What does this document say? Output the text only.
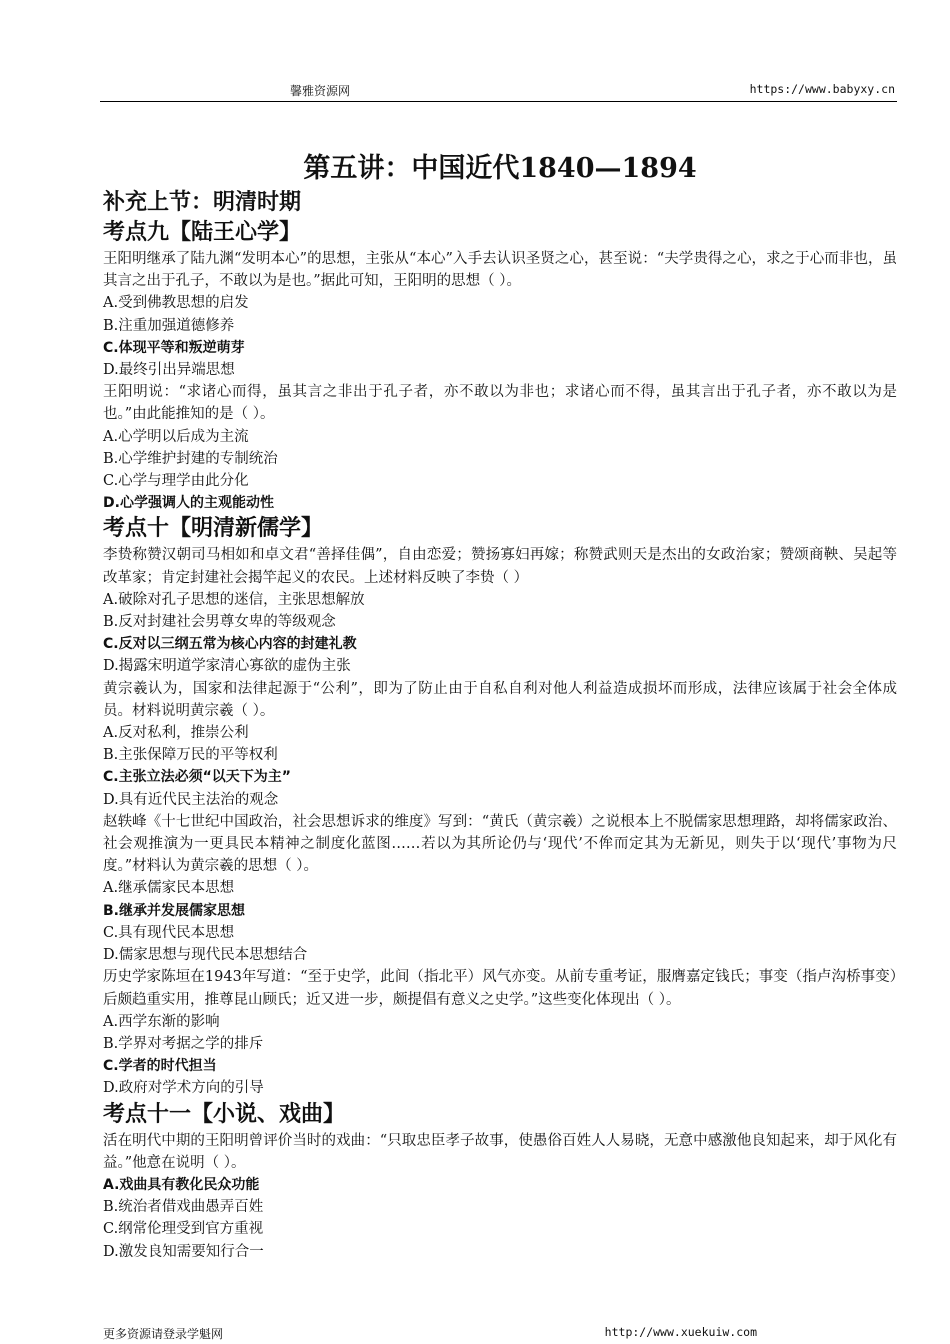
馨雅资源网	https://www.babyxy.cn
第五讲：中国近代1840—1894
补充上节：明清时期
考点九【陆王心学】

王阳明继承了陆九渊“发明本心”的思想，主张从“本心”入手去认识圣贤之心，甚至说：“夫学贵得之心，求之于心而非也，虽其言之出于孔子，不敢以为是也。”据此可知，王阳明的思想（ ）。

A.受到佛教思想的启发

B.注重加强道德修养

C.体现平等和叛逆萌芽

D.最终引出异端思想

王阳明说：“求诸心而得，虽其言之非出于孔子者，亦不敢以为非也；求诸心而不得，虽其言出于孔子者，亦不敢以为是也。”由此能推知的是（ ）。

A.心学明以后成为主流

B.心学维护封建的专制统治

C.心学与理学由此分化

D.心学强调人的主观能动性

考点十【明清新儒学】

李贽称赞汉朝司马相如和卓文君“善择佳偶”，自由恋爱；赞扬寡妇再嫁；称赞武则天是杰出的女政治家；赞颂商鞅、吴起等改革家；肯定封建社会揭竿起义的农民。上述材料反映了李贽（ ）

A.破除对孔子思想的迷信，主张思想解放

B.反对封建社会男尊女卑的等级观念

C.反对以三纲五常为核心内容的封建礼教

D.揭露宋明道学家清心寡欲的虚伪主张

黄宗羲认为，国家和法律起源于“公利”，即为了防止由于自私自利对他人利益造成损坏而形成，法律应该属于社会全体成员。材料说明黄宗羲（ ）。

A.反对私利，推崇公利

B.主张保障万民的平等权利

C.主张立法必须“以天下为主”

D.具有近代民主法治的观念

赵轶峰《十七世纪中国政治，社会思想诉求的维度》写到：“黄氏（黄宗羲）之说根本上不脱儒家思想理路，却将儒家政治、社会观推演为一更具民本精神之制度化蓝图……若以为其所论仍与‘现代’不侔而定其为无新见，则失于以‘现代’事物为尺度。”材料认为黄宗羲的思想（ ）。

A.继承儒家民本思想

B.继承并发展儒家思想

C.具有现代民本思想

D.儒家思想与现代民本思想结合

历史学家陈垣在1943年写道：“至于史学，此间（指北平）风气亦变。从前专重考证，服膺嘉定钱氏；事变（指卢沟桥事变）后颇趋重实用，推尊昆山顾氏；近又进一步，颇提倡有意义之史学。”这些变化体现出（ ）。

A.西学东渐的影响

B.学界对考据之学的排斥

C.学者的时代担当

D.政府对学术方向的引导

考点十一【小说、戏曲】

活在明代中期的王阳明曾评价当时的戏曲：“只取忠臣孝子故事，使愚俗百姓人人易晓，无意中感激他良知起来，却于风化有益。”他意在说明（ ）。

A.戏曲具有教化民众功能

B.统治者借戏曲愚弄百姓

C.纲常伦理受到官方重视

D.激发良知需要知行合一

更多资源请登录学魁网	http://www.xuekuiw.com
